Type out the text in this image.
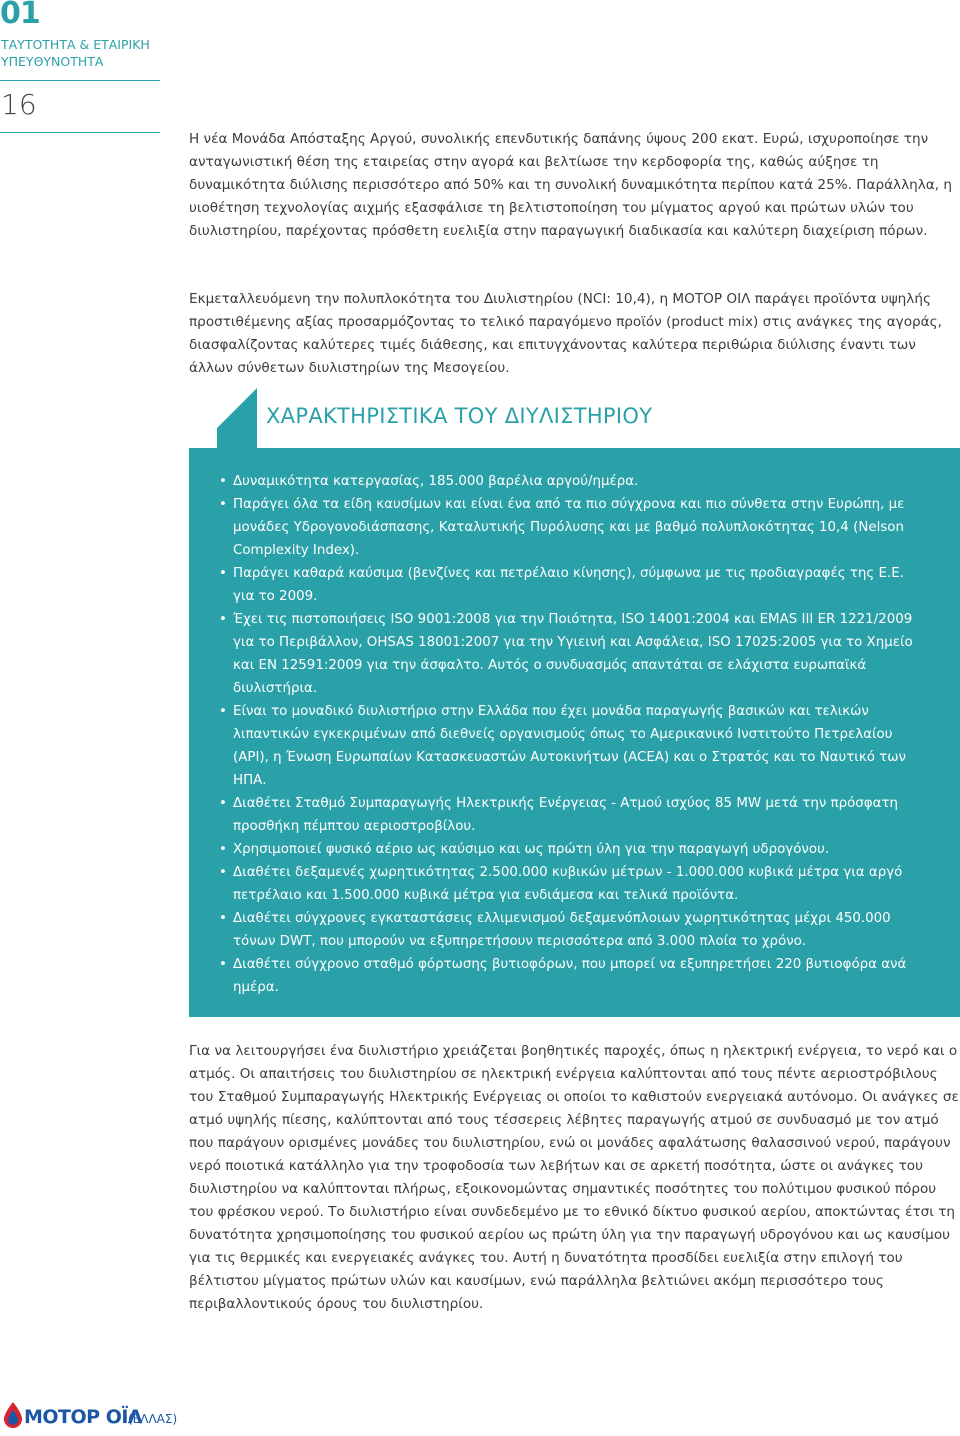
01
ΤΑΥΤΟΤΗΤΑ & ΕΤΑΙΡΙΚΗ ΥΠΕΥΘΥΝΟΤΗΤΑ
16

Η νέα Μονάδα Απόσταξης Αργού, συνολικής επενδυτικής δαπάνης ύψους 200 εκατ. Ευρώ, ισχυροποίησε την ανταγωνιστική θέση της εταιρείας στην αγορά και βελτίωσε την κερδοφορία της, καθώς αύξησε τη δυναμικότητα διύλισης περισσότερο από 50% και τη συνολική δυναμικότητα περίπου κατά 25%. Παράλληλα, η υιοθέτηση τεχνολογίας αιχμής εξασφάλισε τη βελτιστοποίηση του μίγματος αργού και πρώτων υλών του διυλιστηρίου, παρέχοντας πρόσθετη ευελιξία στην παραγωγική διαδικασία και καλύτερη διαχείριση πόρων.

Εκμεταλλευόμενη την πολυπλοκότητα του Διυλιστηρίου (NCI: 10,4), η ΜΟΤΟΡ ΟΙΛ παράγει προϊόντα υψηλής προστιθέμενης αξίας προσαρμόζοντας το τελικό παραγόμενο προϊόν (product mix) στις ανάγκες της αγοράς, διασφαλίζοντας καλύτερες τιμές διάθεσης, και επιτυγχάνοντας καλύτερα περιθώρια διύλισης έναντι των άλλων σύνθετων διυλιστηρίων της Μεσογείου.

ΧΑΡΑΚΤΗΡΙΣΤΙΚΑ ΤΟΥ ΔΙΥΛΙΣΤΗΡΙΟΥ
• Δυναμικότητα κατεργασίας, 185.000 βαρέλια αργού/ημέρα.
• Παράγει όλα τα είδη καυσίμων και είναι ένα από τα πιο σύγχρονα και πιο σύνθετα στην Ευρώπη, με μονάδες Υδρογονοδιάσπασης, Καταλυτικής Πυρόλυσης και με βαθμό πολυπλοκότητας 10,4 (Nelson Complexity Index).
• Παράγει καθαρά καύσιμα (βενζίνες και πετρέλαιο κίνησης), σύμφωνα με τις προδιαγραφές της Ε.Ε. για το 2009.
• Έχει τις πιστοποιήσεις ISO 9001:2008 για την Ποιότητα, ISO 14001:2004 και EMAS III ER 1221/2009 για το Περιβάλλον, OHSAS 18001:2007 για την Υγιεινή και Ασφάλεια, ISO 17025:2005 για το Χημείο και EN 12591:2009 για την άσφαλτο. Αυτός ο συνδυασμός απαντάται σε ελάχιστα ευρωπαϊκά διυλιστήρια.
• Είναι το μοναδικό διυλιστήριο στην Ελλάδα που έχει μονάδα παραγωγής βασικών και τελικών λιπαντικών εγκεκριμένων από διεθνείς οργανισμούς όπως το Αμερικανικό Ινστιτούτο Πετρελαίου (API), η Ένωση Ευρωπαίων Κατασκευαστών Αυτοκινήτων (ACEA) και ο Στρατός και το Ναυτικό των ΗΠΑ.
• Διαθέτει Σταθμό Συμπαραγωγής Ηλεκτρικής Ενέργειας - Ατμού ισχύος 85 MW μετά την πρόσφατη προσθήκη πέμπτου αεριοστροβίλου.
• Χρησιμοποιεί φυσικό αέριο ως καύσιμο και ως πρώτη ύλη για την παραγωγή υδρογόνου.
• Διαθέτει δεξαμενές χωρητικότητας 2.500.000 κυβικών μέτρων - 1.000.000 κυβικά μέτρα για αργό πετρέλαιο και 1.500.000 κυβικά μέτρα για ενδιάμεσα και τελικά προϊόντα.
• Διαθέτει σύγχρονες εγκαταστάσεις ελλιμενισμού δεξαμενόπλοιων χωρητικότητας μέχρι 450.000 τόνων DWT, που μπορούν να εξυπηρετήσουν περισσότερα από 3.000 πλοία το χρόνο.
• Διαθέτει σύγχρονο σταθμό φόρτωσης βυτιοφόρων, που μπορεί να εξυπηρετήσει 220 βυτιοφόρα ανά ημέρα.

Για να λειτουργήσει ένα διυλιστήριο χρειάζεται βοηθητικές παροχές, όπως η ηλεκτρική ενέργεια, το νερό και ο ατμός. Οι απαιτήσεις του διυλιστηρίου σε ηλεκτρική ενέργεια καλύπτονται από τους πέντε αεριοστρόβιλους του Σταθμού Συμπαραγωγής Ηλεκτρικής Ενέργειας οι οποίοι το καθιστούν ενεργειακά αυτόνομο. Οι ανάγκες σε ατμό υψηλής πίεσης, καλύπτονται από τους τέσσερεις λέβητες παραγωγής ατμού σε συνδυασμό με τον ατμό που παράγουν ορισμένες μονάδες του διυλιστηρίου, ενώ οι μονάδες αφαλάτωσης θαλασσινού νερού, παράγουν νερό ποιοτικά κατάλληλο για την τροφοδοσία των λεβήτων και σε αρκετή ποσότητα, ώστε οι ανάγκες του διυλιστηρίου να καλύπτονται πλήρως, εξοικονομώντας σημαντικές ποσότητες του πολύτιμου φυσικού πόρου του φρέσκου νερού. Το διυλιστήριο είναι συνδεδεμένο με το εθνικό δίκτυο φυσικού αερίου, αποκτώντας έτσι τη δυνατότητα χρησιμοποίησης του φυσικού αερίου ως πρώτη ύλη για την παραγωγή υδρογόνου και ως καυσίμου για τις θερμικές και ενεργειακές ανάγκες του. Αυτή η δυνατότητα προσδίδει ευελιξία στην επιλογή του βέλτιστου μίγματος πρώτων υλών και καυσίμων, ενώ παράλληλα βελτιώνει ακόμη περισσότερο τους περιβαλλοντικούς όρους του διυλιστηρίου.

ΜΟΤΟΡ ΟΪΛ
(ΕΛΛΑΣ)
